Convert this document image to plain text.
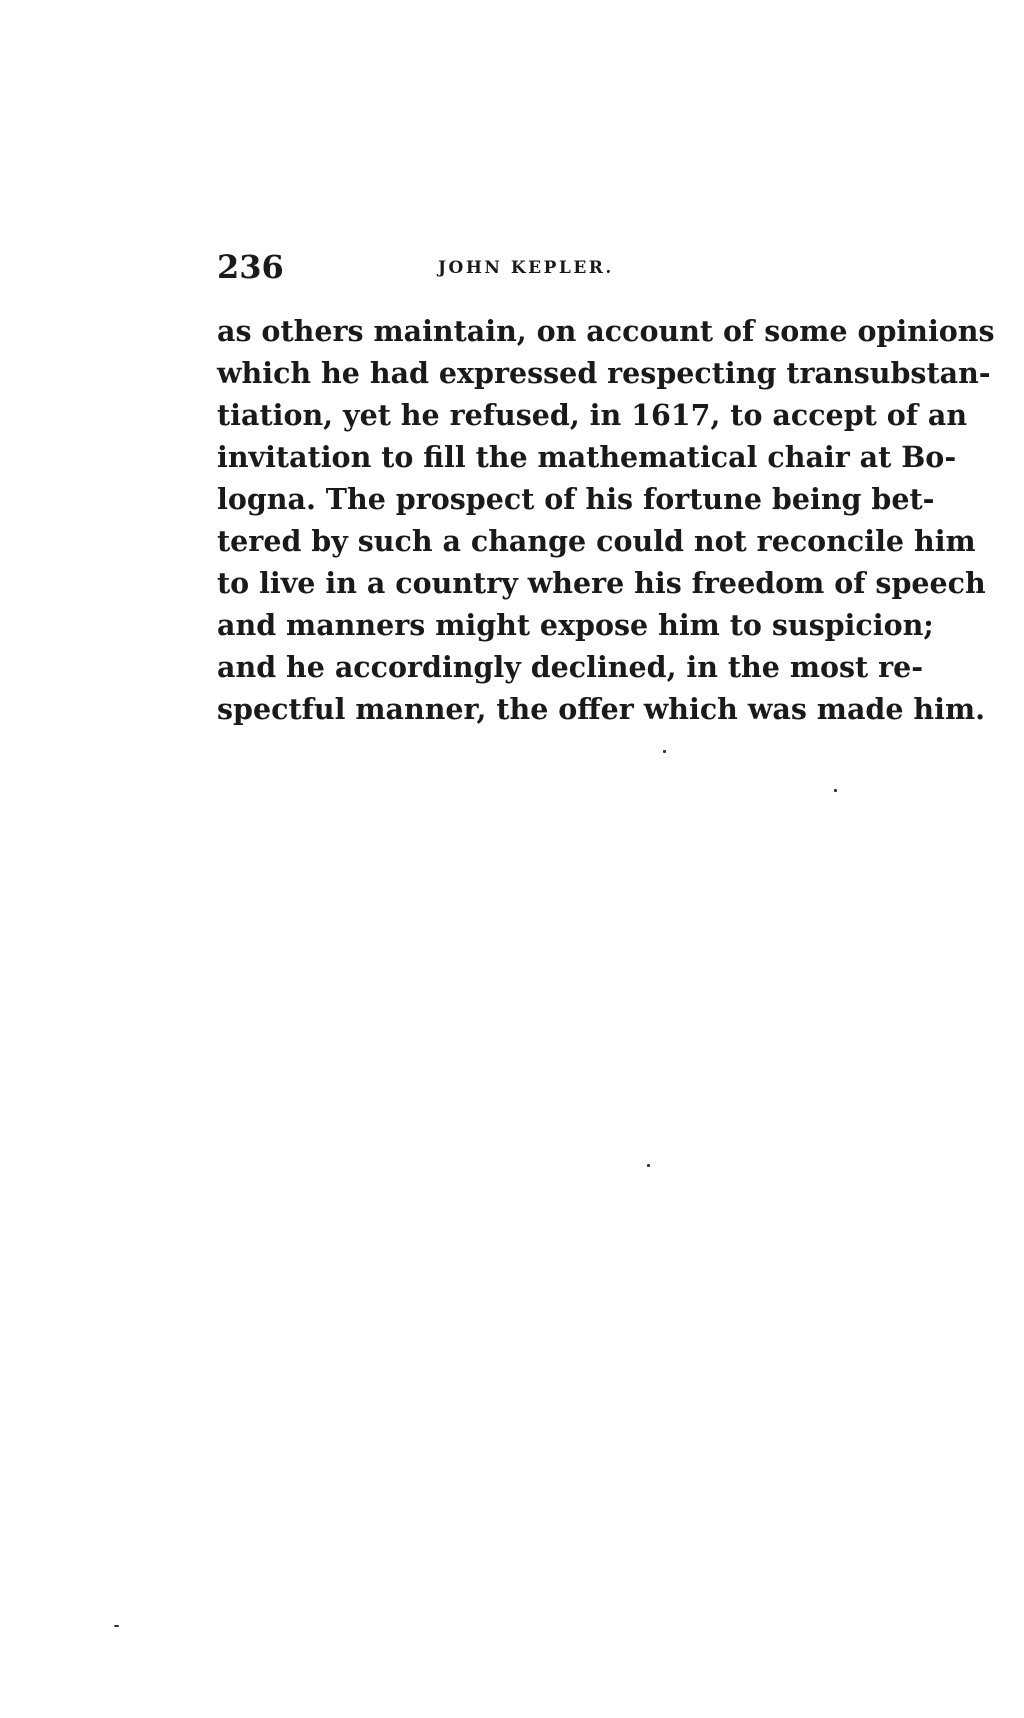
236	JOHN KEPLER.
as others maintain, on account of some opinions
which he had expressed respecting transubstan-
tiation, yet he refused, in 1617, to accept of an
invitation to fill the mathematical chair at Bo-
logna. The prospect of his fortune being bet-
tered by such a change could not reconcile him
to live in a country where his freedom of speech
and manners might expose him to suspicion;
and he accordingly declined, in the most re-
spectful manner, the offer which was made him.
